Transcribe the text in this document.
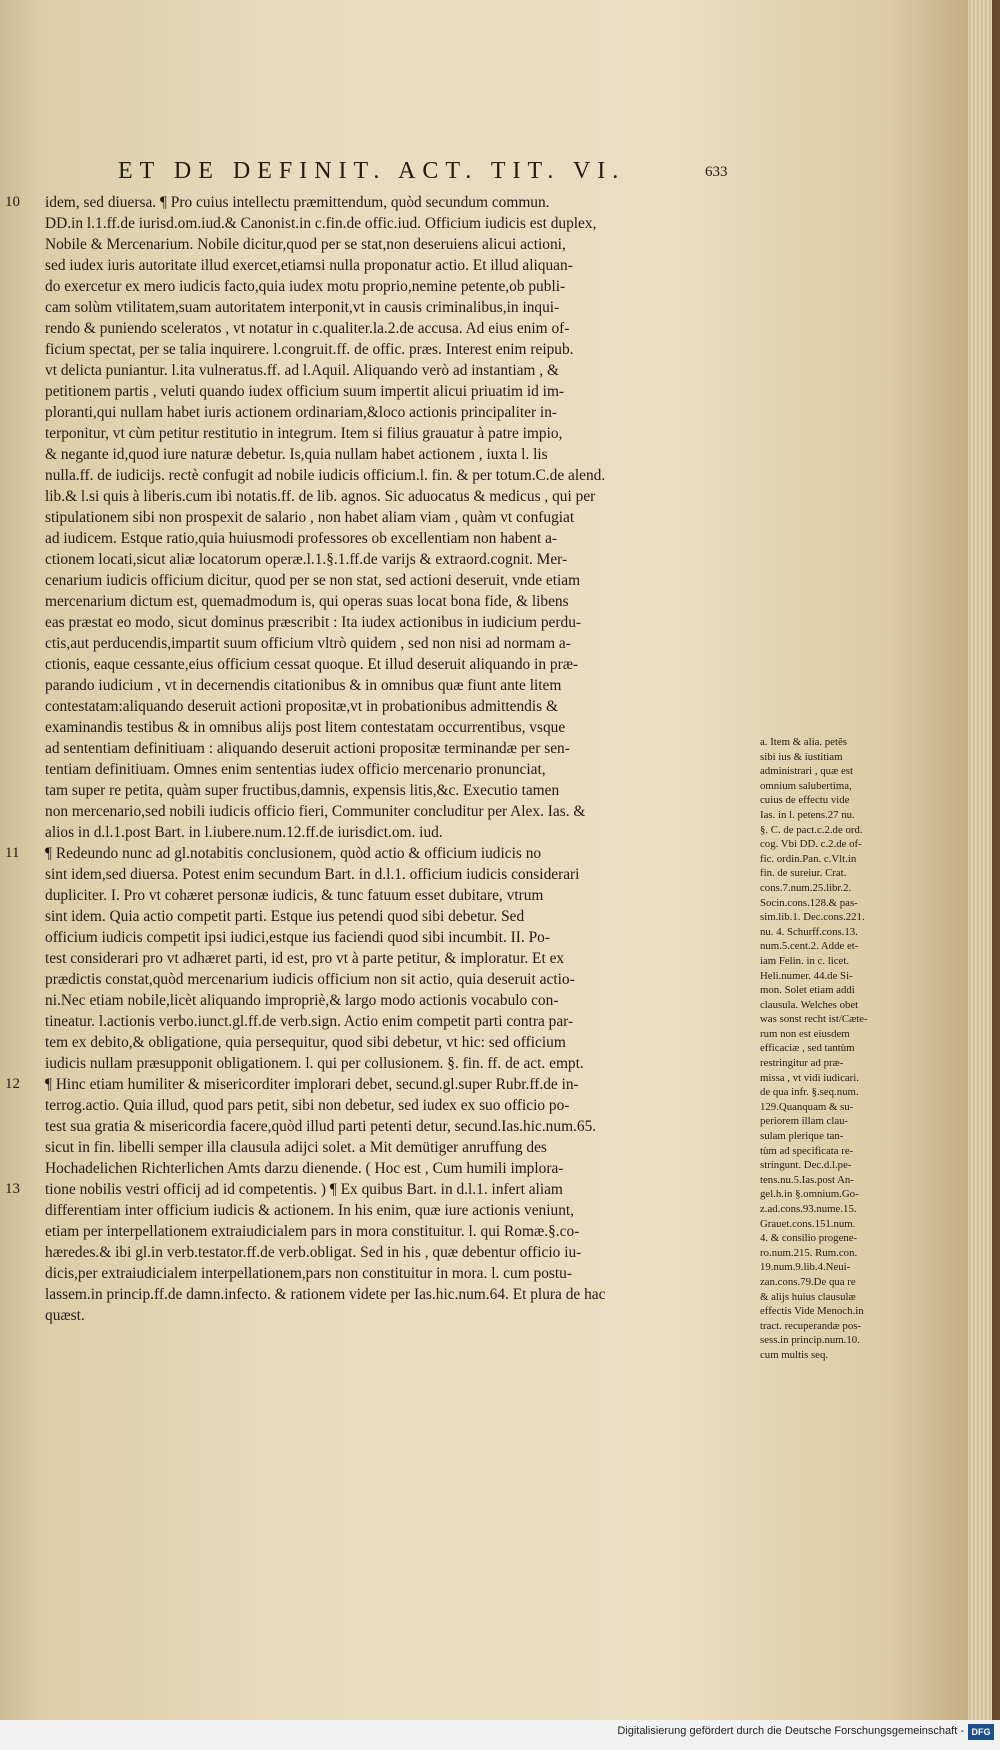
ET DE DEFINIT. ACT. TIT. VI.	633
10 idem, sed diuersa. ¶ Pro cuius intellectu præmittendum, quòd secundum commun.
DD.in l.1.ff.de iurisd.om.iud.& Canonist.in c.fin.de offic.iud. Officium iudicis est duplex,
Nobile & Mercenarium. Nobile dicitur,quod per se stat,non deseruiens alicui actioni,
sed iudex iuris autoritate illud exercet,etiamsi nulla proponatur actio. Et illud aliquan-
do exercetur ex mero iudicis facto,quia iudex motu proprio,nemine petente,ob publi-
cam solùm vtilitatem,suam autoritatem interponit,vt in causis criminalibus,in inqui-
rendo & puniendo sceleratos , vt notatur in c.qualiter.la.2.de accusa. Ad eius enim of-
ficium spectat, per se talia inquirere. l.congruit.ff. de offic. præs. Interest enim reipub.
vt delicta puniantur. l.ita vulneratus.ff. ad l.Aquil. Aliquando verò ad instantiam , &
petitionem partis , veluti quando iudex officium suum impertit alicui priuatim id im-
ploranti,qui nullam habet iuris actionem ordinariam,&loco actionis principaliter in-
terponitur, vt cùm petitur restitutio in integrum. Item si filius grauatur à patre impio,
& negante id,quod iure naturæ debetur. Is,quia nullam habet actionem , iuxta l. lis
nulla.ff. de iudicijs. rectè confugit ad nobile iudicis officium.l. fin. & per totum.C.de alend.
lib.& l.si quis à liberis.cum ibi notatis.ff. de lib. agnos. Sic aduocatus & medicus , qui per
stipulationem sibi non prospexit de salario , non habet aliam viam , quàm vt confugiat
ad iudicem. Estque ratio,quia huiusmodi professores ob excellentiam non habent a-
ctionem locati,sicut aliæ locatorum operæ.l.1.§.1.ff.de varijs & extraord.cognit. Mer-
cenarium iudicis officium dicitur, quod per se non stat, sed actioni deseruit, vnde etiam
mercenarium dictum est, quemadmodum is, qui operas suas locat bona fide, & libens
eas præstat eo modo, sicut dominus præscribit : Ita iudex actionibus in iudicium perdu-
ctis,aut perducendis,impartit suum officium vltrò quidem , sed non nisi ad normam a-
ctionis, eaque cessante,eius officium cessat quoque. Et illud deseruit aliquando in præ-
parando iudicium , vt in decernendis citationibus & in omnibus quæ fiunt ante litem
contestatam:aliquando deseruit actioni propositæ,vt in probationibus admittendis &
examinandis testibus & in omnibus alijs post litem contestatam occurrentibus, vsque
ad sententiam definitiuam : aliquando deseruit actioni propositæ terminandæ per sen-
tentiam definitiuam. Omnes enim sententias iudex officio mercenario pronunciat,
tam super re petita, quàm super fructibus,damnis, expensis litis,&c. Executio tamen
non mercenario,sed nobili iudicis officio fieri, Communiter concluditur per Alex. Ias. &
alios in d.l.1.post Bart. in l.iubere.num.12.ff.de iurisdict.om. iud.
11 ¶ Redeundo nunc ad gl.notabitis conclusionem, quòd actio & officium iudicis no
sint idem,sed diuersa. Potest enim secundum Bart. in d.l.1. officium iudicis considerari
dupliciter. I. Pro vt cohæret personæ iudicis, & tunc fatuum esset dubitare, vtrum
sint idem. Quia actio competit parti. Estque ius petendi quod sibi debetur. Sed
officium iudicis competit ipsi iudici,estque ius faciendi quod sibi incumbit. II. Po-
test considerari pro vt adhæret parti, id est, pro vt à parte petitur, & imploratur. Et ex
prædictis constat,quòd mercenarium iudicis officium non sit actio, quia deseruit actio-
ni.Nec etiam nobile,licèt aliquando impropriè,& largo modo actionis vocabulo con-
tineatur. l.actionis verbo.iunct.gl.ff.de verb.sign. Actio enim competit parti contra par-
tem ex debito,& obligatione, quia persequitur, quod sibi debetur, vt hic: sed officium
iudicis nullam præsupponit obligationem. l. qui per collusionem. §. fin. ff. de act. empt.
12 ¶ Hinc etiam humiliter & misericorditer implorari debet, secund.gl.super Rubr.ff.de in-
terrog.actio. Quia illud, quod pars petit, sibi non debetur, sed iudex ex suo officio po-
test sua gratia & misericordia facere,quòd illud parti petenti detur, secund.Ias.hic.num.65.
sicut in fin. libelli semper illa clausula adijci solet. a Mit demütiger anruffung des
Hochadelichen Richterlichen Amts darzu dienende. ( Hoc est , Cum humili implora-
13 tione nobilis vestri officij ad id competentis. ) ¶ Ex quibus Bart. in d.l.1. infert aliam
differentiam inter officium iudicis & actionem. In his enim, quæ iure actionis veniunt,
etiam per interpellationem extraiudicialem pars in mora constituitur. l. qui Romæ.§.co-
hæredes.& ibi gl.in verb.testator.ff.de verb.obligat. Sed in his , quæ debentur officio iu-
dicis,per extraiudicialem interpellationem,pars non constituitur in mora. l. cum postu-
lassem.in princip.ff.de damn.infecto. & rationem videte per Ias.hic.num.64. Et plura de hac
quæst.
a. Item & alia. petẽs
sibi ius & iustitiam
administrari , quæ est
omnium salubertima,
cuius de effectu vide
Ias. in l. petens.27 nu.
§. C. de pact.c.2.de ord.
cog. Vbi DD. c.2.de of-
fic. ordin.Pan. c.Vlt.in
fin. de sureiur. Crat.
cons.7.num.25.libr.2.
Socin.cons.128.& pas-
sim.lib.1. Dec.cons.221.
nu. 4. Schurff.cons.13.
num.5.cent.2. Adde et-
iam Felin. in c. licet.
Heli.numer. 44.de Si-
mon. Solet etiam addi
clausula. Welches obet
was sonst recht ist/Cæte-
rum non est eiusdem
efficaciæ , sed tantùm
restringitur ad præ-
missa , vt vidi iudicari.
de qua infr. §.seq.num.
129.Quanquam & su-
periorem illam clau-
sulam plerique tan-
tùm ad specificata re-
stringunt. Dec.d.l.pe-
tens.nu.5.Ias.post An-
gel.h.in §.omnium.Go-
z.ad.cons.93.nume.15.
Grauet.cons.151.num.
4. & consilio progene-
ro.num.215. Rum.con.
19.num.9.lib.4.Neui-
zan.cons.79.De qua re
& alijs huius clausulæ
effectis Vide Menoch.in
tract. recuperandæ pos-
sess.in princip.num.10.
cum multis seq.
Digitalisierung gefördert durch die Deutsche Forschungsgemeinschaft - DFG
